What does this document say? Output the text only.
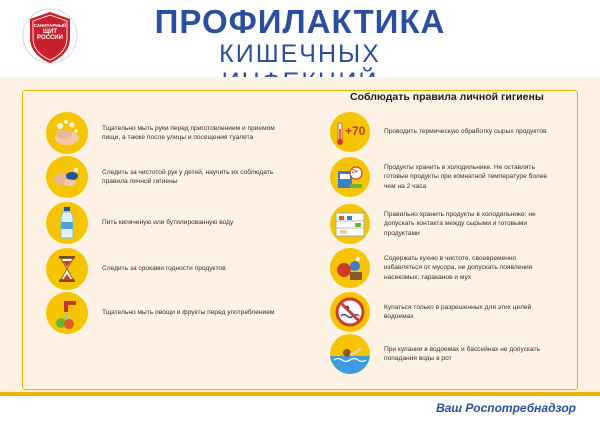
САНИТАРНЫЙ
ЩИТ
РОССИИ	ПРОФИЛАКТИКА
КИШЕЧНЫХ
Соблюдать правила личной гигиены
Тщательно мыть руки перед приготовлением и приемом пищи, а также после улицы и посещения туалета
Следить за чистотой рук у детей, научить их соблюдать правила личной гигиены
Пить кипяченую или бутилированную воду
Следить за сроками годности продуктов
Тщательно мыть овощи и фрукты перед употреблением
+70	Проводить термическую обработку сырых продуктов
2ч
Продукты хранить в холодильнике. Не оставлять готовые продукты при комнатной температуре более чем на 2 часа
Правильно хранить продукты в холодильнике: не допускать контакта между сырыми и готовыми продуктами
Содержать кухню в чистоте, своевременно избавляться от мусора, не допускать появления насекомых: тараканов и мух
Купаться только в разрешенных для этих целей водоемах
При купании в водоемах и бассейнах не допускать попадания воды в рот
Ваш Роспотребнадзор
